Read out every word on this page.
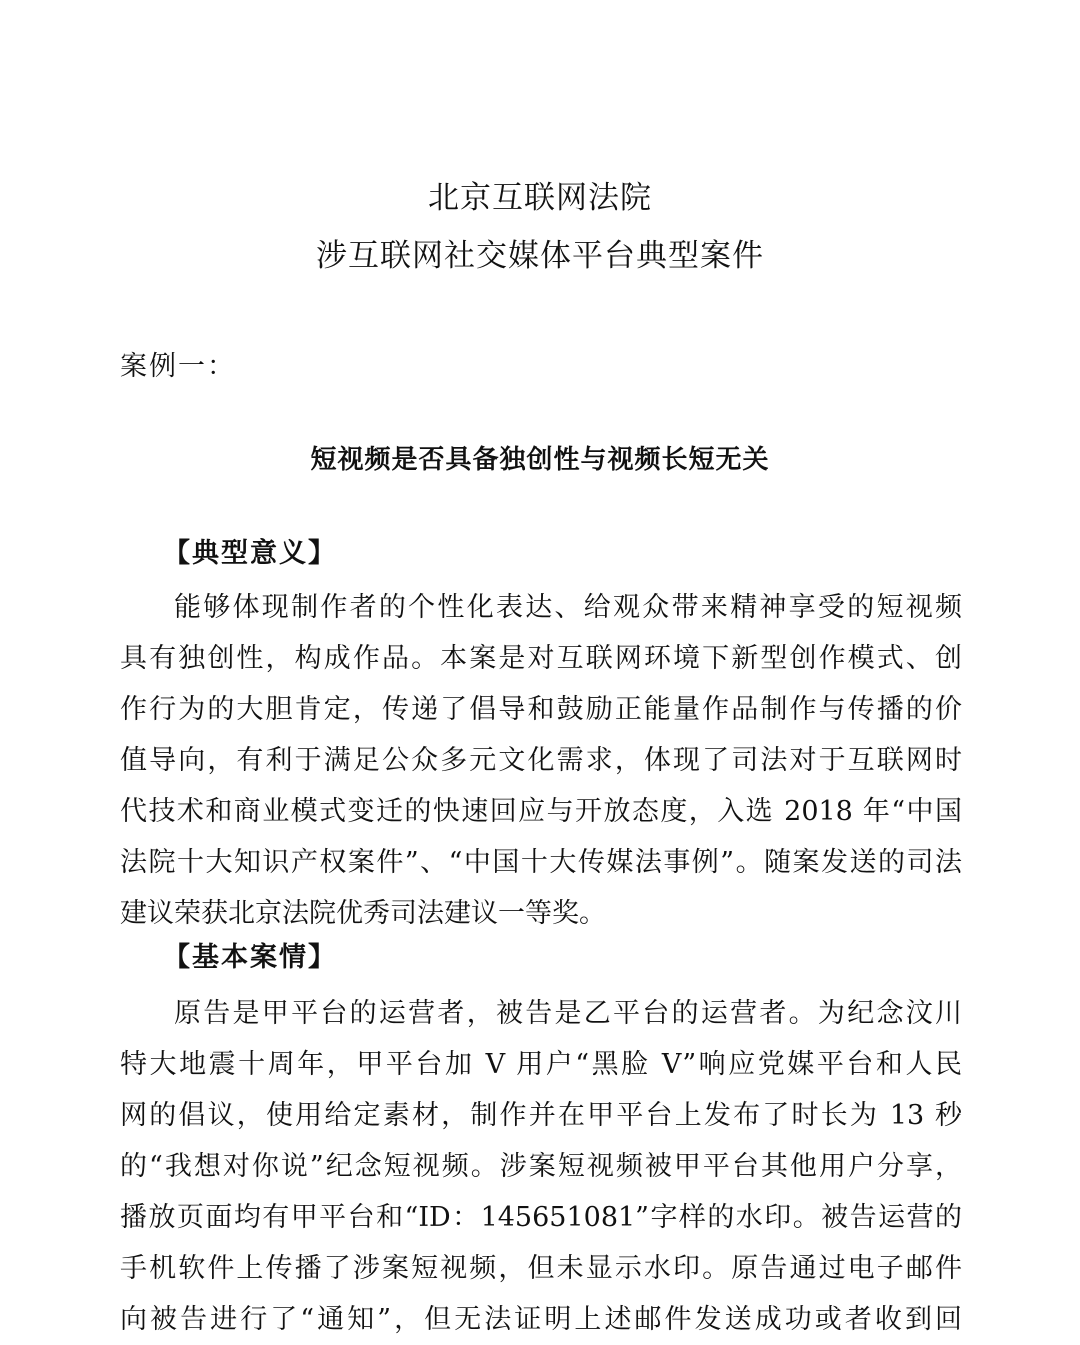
北京互联网法院
涉互联网社交媒体平台典型案件
案例一：
短视频是否具备独创性与视频长短无关
【典型意义】
能够体现制作者的个性化表达、给观众带来精神享受的短视频
具有独创性，构成作品。本案是对互联网环境下新型创作模式、创
作行为的大胆肯定，传递了倡导和鼓励正能量作品制作与传播的价
值导向，有利于满足公众多元文化需求，体现了司法对于互联网时
代技术和商业模式变迁的快速回应与开放态度，入选 2018 年“中国
法院十大知识产权案件”、“中国十大传媒法事例”。随案发送的司法
建议荣获北京法院优秀司法建议一等奖。
【基本案情】
原告是甲平台的运营者，被告是乙平台的运营者。为纪念汶川
特大地震十周年，甲平台加 V 用户“黑脸 V”响应党媒平台和人民
网的倡议，使用给定素材，制作并在甲平台上发布了时长为 13 秒
的“我想对你说”纪念短视频。涉案短视频被甲平台其他用户分享，
播放页面均有甲平台和“ID：145651081”字样的水印。被告运营的
手机软件上传播了涉案短视频，但未显示水印。原告通过电子邮件
向被告进行了“通知”，但无法证明上述邮件发送成功或者收到回
